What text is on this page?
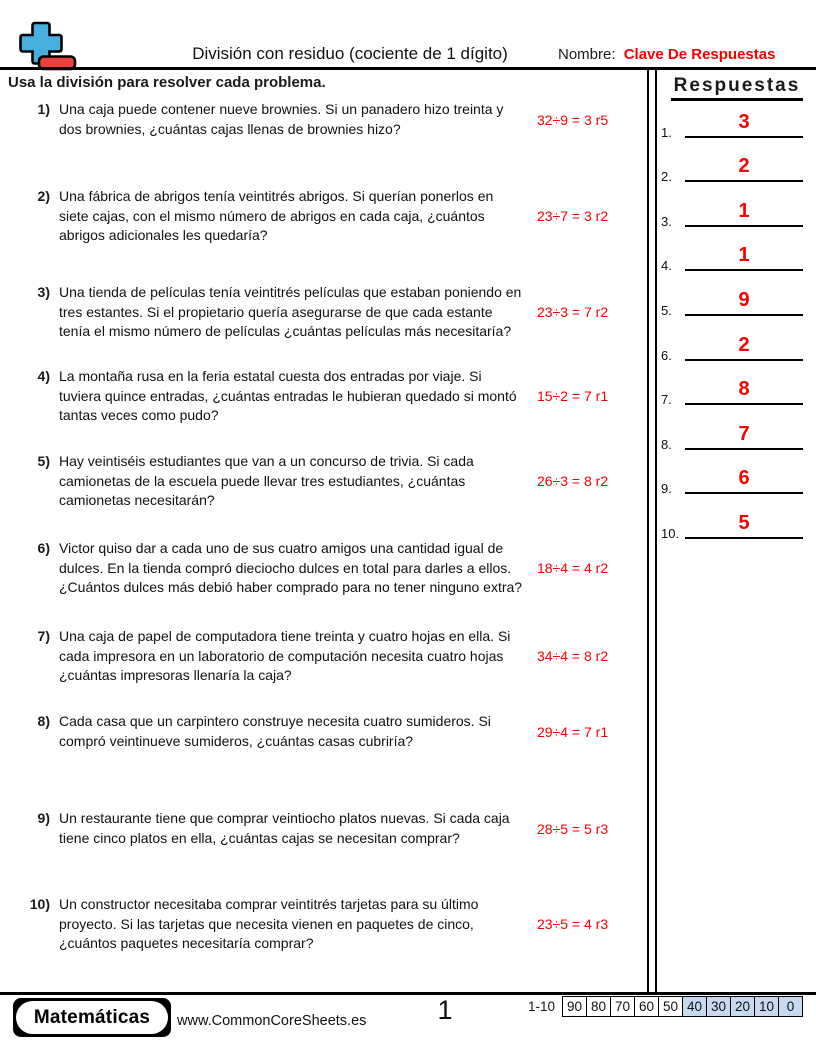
División con residuo (cociente de 1 dígito)	Nombre: Clave De Respuestas
Usa la división para resolver cada problema.	Respuestas
1.	3
2.	2
3.	1
4.	1
5.	9
6.	2
7.	8
8.	7
9.	6
10.	5
1) Una caja puede contener nueve brownies. Si un panadero hizo treinta y dos brownies, ¿cuántas cajas llenas de brownies hizo?
32÷9 = 3 r5
2) Una fábrica de abrigos tenía veintitrés abrigos. Si querían ponerlos en siete cajas, con el mismo número de abrigos en cada caja, ¿cuántos abrigos adicionales les quedaría?
23÷7 = 3 r2
3) Una tienda de películas tenía veintitrés películas que estaban poniendo en tres estantes. Si el propietario quería asegurarse de que cada estante tenía el mismo número de películas ¿cuántas películas más necesitaría?
23÷3 = 7 r2
4) La montaña rusa en la feria estatal cuesta dos entradas por viaje. Si tuviera quince entradas, ¿cuántas entradas le hubieran quedado si montó tantas veces como pudo?
15÷2 = 7 r1
5) Hay veintiséis estudiantes que van a un concurso de trivia. Si cada camionetas de la escuela puede llevar tres estudiantes, ¿cuántas camionetas necesitarán?
26÷3 = 8 r2
6) Victor quiso dar a cada uno de sus cuatro amigos una cantidad igual de dulces. En la tienda compró dieciocho dulces en total para darles a ellos. ¿Cuántos dulces más debió haber comprado para no tener ninguno extra?
18÷4 = 4 r2
7) Una caja de papel de computadora tiene treinta y cuatro hojas en ella. Si cada impresora en un laboratorio de computación necesita cuatro hojas ¿cuántas impresoras llenaría la caja?
34÷4 = 8 r2
8) Cada casa que un carpintero construye necesita cuatro sumideros. Si compró veintinueve sumideros, ¿cuántas casas cubriría?
29÷4 = 7 r1
9) Un restaurante tiene que comprar veintiocho platos nuevas. Si cada caja tiene cinco platos en ella, ¿cuántas cajas se necesitan comprar?
28÷5 = 5 r3
10) Un constructor necesitaba comprar veintitrés tarjetas para su último proyecto. Si las tarjetas que necesita vienen en paquetes de cinco, ¿cuántos paquetes necesitaría comprar?
23÷5 = 4 r3
Matemáticas	www.CommonCoreSheets.es	1	1-10 90 80 70 60 50 40 30 20 10 0
